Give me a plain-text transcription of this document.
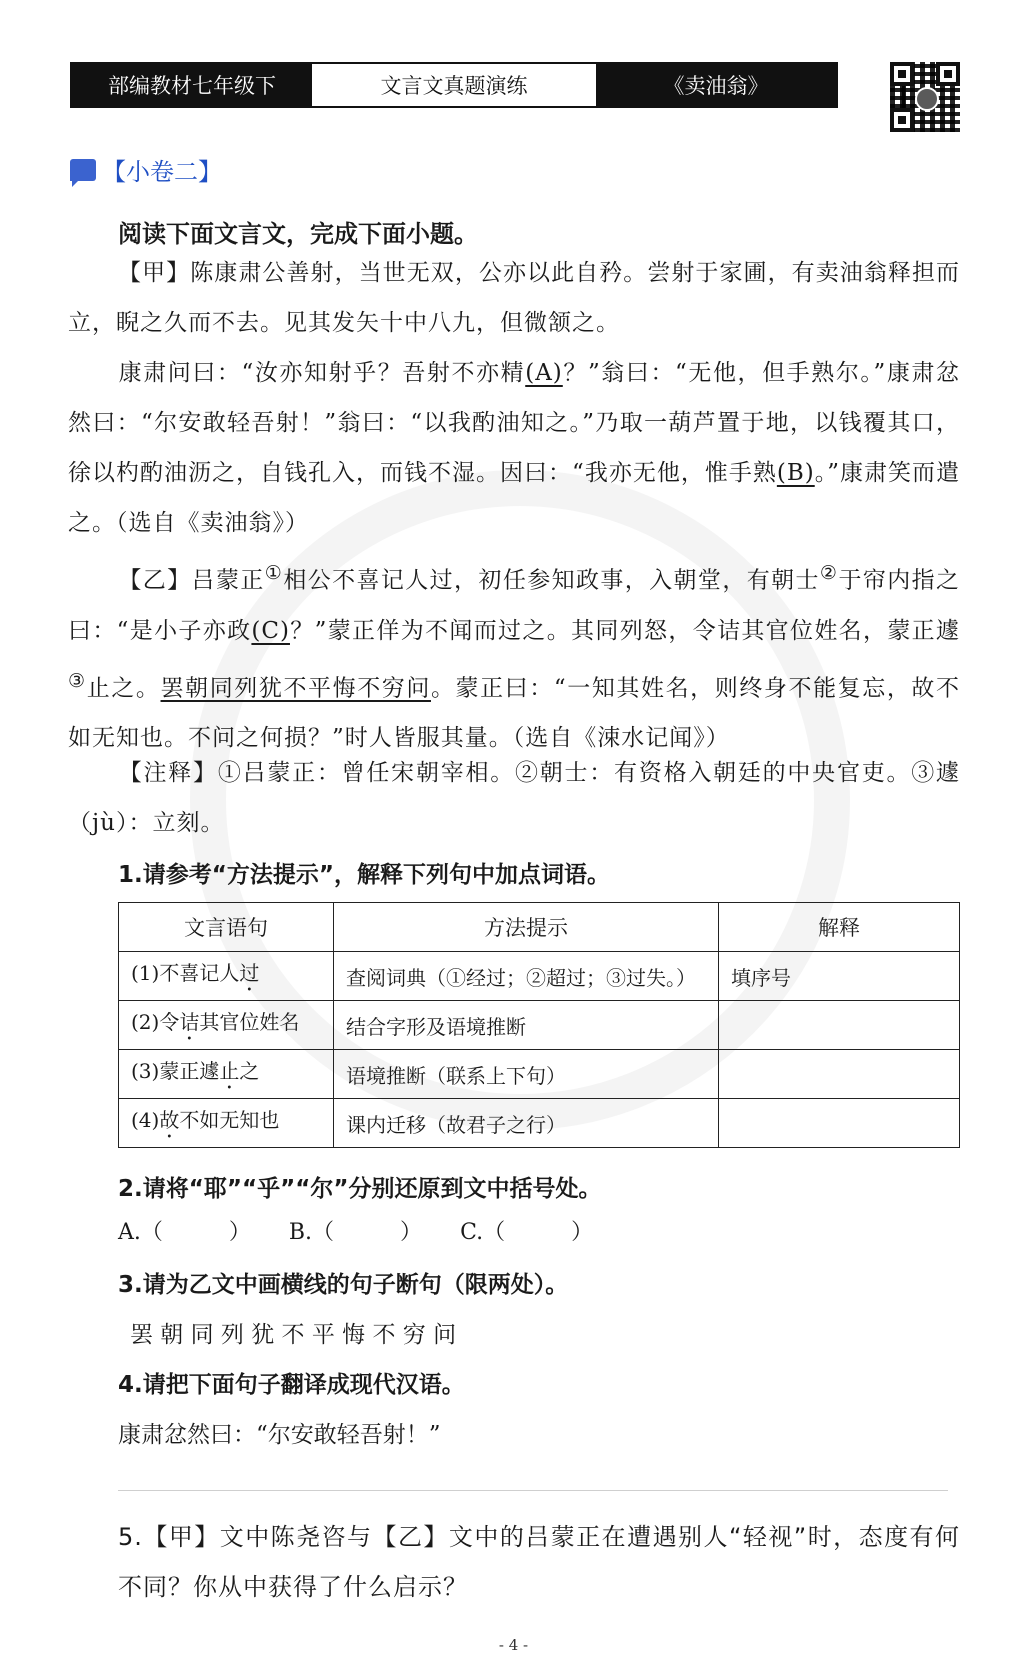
部编教材七年级下	文言文真题演练	《卖油翁》
【小卷二】
阅读下面文言文，完成下面小题。
【甲】陈康肃公善射，当世无双，公亦以此自矜。尝射于家圃，有卖油翁释担而立，睨之久而不去。见其发矢十中八九，但微颔之。
康肃问曰：“汝亦知射乎？吾射不亦精(A)？”翁曰：“无他，但手熟尔。”康肃忿然曰：“尔安敢轻吾射！”翁曰：“以我酌油知之。”乃取一葫芦置于地，以钱覆其口，徐以杓酌油沥之，自钱孔入，而钱不湿。因曰：“我亦无他，惟手熟(B)。”康肃笑而遣之。（选自《卖油翁》）
【乙】吕蒙正①相公不喜记人过，初任参知政事，入朝堂，有朝士②于帘内指之曰：“是小子亦政(C)？”蒙正佯为不闻而过之。其同列怒，令诘其官位姓名，蒙正遽③止之。罢朝同列犹不平悔不穷问。蒙正曰：“一知其姓名，则终身不能复忘，故不如无知也。不问之何损？”时人皆服其量。（选自《涑水记闻》）
【注释】①吕蒙正：曾任宋朝宰相。②朝士：有资格入朝廷的中央官吏。③遽（jù）：立刻。
1.请参考“方法提示”，解释下列句中加点词语。
文言语句	方法提示	解释
(1)不喜记人过	查阅词典（①经过；②超过；③过失。）	填序号
(2)令诘其官位姓名	结合字形及语境推断	
(3)蒙正遽止之	语境推断（联系上下句）	
(4)故不如无知也	课内迁移（故君子之行）	
2.请将“耶”“乎”“尔”分别还原到文中括号处。
A.（　　　） B.（　　　） C.（　　　）
3.请为乙文中画横线的句子断句（限两处）。
罢 朝 同 列 犹 不 平 悔 不 穷 问
4.请把下面句子翻译成现代汉语。
康肃忿然曰：“尔安敢轻吾射！”
5.【甲】文中陈尧咨与【乙】文中的吕蒙正在遭遇别人“轻视”时，态度有何不同？你从中获得了什么启示？
- 4 -
